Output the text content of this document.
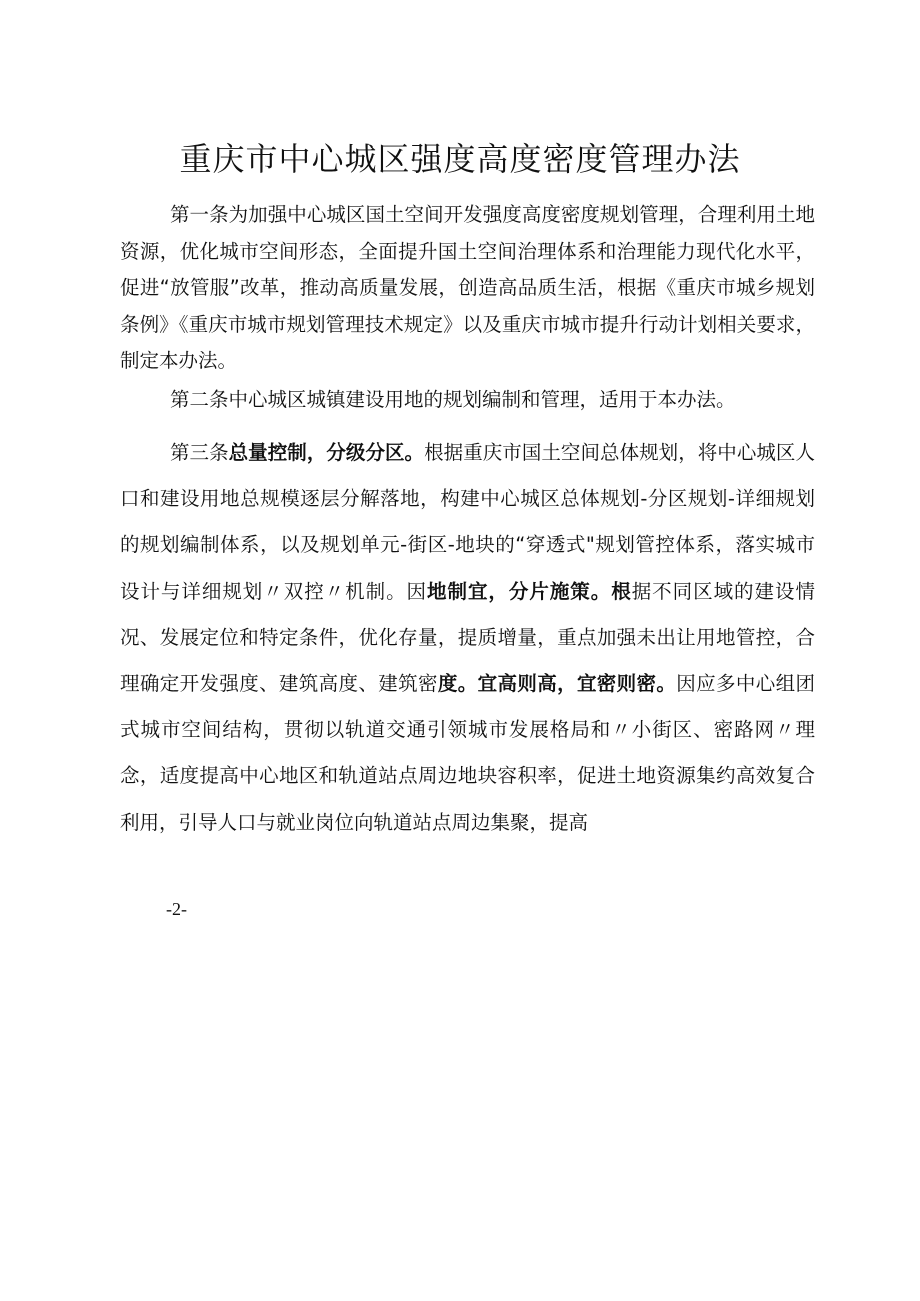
重庆市中心城区强度高度密度管理办法

第一条为加强中心城区国土空间开发强度高度密度规划管理，合理利用土地资源，优化城市空间形态，全面提升国土空间治理体系和治理能力现代化水平，促进“放管服”改革，推动高质量发展，创造高品质生活，根据《重庆市城乡规划条例》《重庆市城市规划管理技术规定》以及重庆市城市提升行动计划相关要求，制定本办法。

第二条中心城区城镇建设用地的规划编制和管理，适用于本办法。

第三条总量控制，分级分区。根据重庆市国土空间总体规划，将中心城区人口和建设用地总规模逐层分解落地，构建中心城区总体规划-分区规划-详细规划的规划编制体系，以及规划单元-街区-地块的“穿透式"规划管控体系，落实城市设计与详细规划〃双控〃机制。因地制宜，分片施策。根据不同区域的建设情况、发展定位和特定条件，优化存量，提质增量，重点加强未出让用地管控，合理确定开发强度、建筑高度、建筑密度。宜高则高，宜密则密。因应多中心组团式城市空间结构，贯彻以轨道交通引领城市发展格局和〃小街区、密路网〃理念，适度提高中心地区和轨道站点周边地块容积率，促进土地资源集约高效复合利用，引导人口与就业岗位向轨道站点周边集聚，提高

-2-
